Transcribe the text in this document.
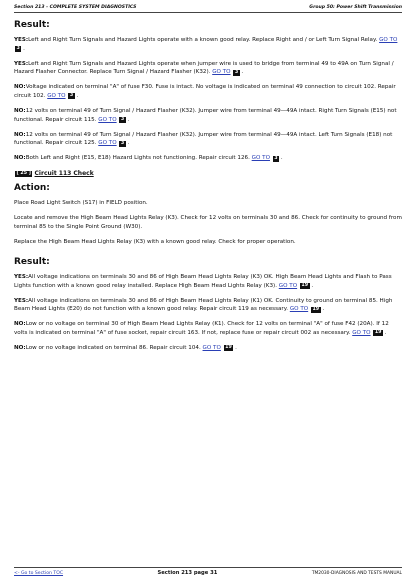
Section 213 - COMPLETE SYSTEM DIAGNOSTICS	Group 50: Power Shift Transmission
Result:

YES:Left and Right Turn Signals and Hazard Lights operate with a known good relay. Replace Right and / or Left Turn Signal Relay. GO TO 3 .

YES:Left and Right Turn Signals and Hazard Lights operate when jumper wire is used to bridge from terminal 49 to 49A on Turn Signal / Hazard Flasher Connector. Replace Turn Signal / Hazard Flasher (K32). GO TO 3 .

NO:Voltage indicated on terminal "A" of fuse F30. Fuse is intact. No voltage is indicated on terminal 49 connection to circuit 102. Repair circuit 102. GO TO 3 .

NO:12 volts on terminal 49 of Turn Signal / Hazard Flasher (K32). Jumper wire from terminal 49—49A intact. Right Turn Signals (E15) not functional. Repair circuit 115. GO TO 3 .

NO:12 volts on terminal 49 of Turn Signal / Hazard Flasher (K32). Jumper wire from terminal 49—49A intact. Left Turn Signals (E18) not functional. Repair circuit 125. GO TO 3 .

NO:Both Left and Right (E15, E18) Hazard Lights not functioning. Repair circuit 126. GO TO 3 .

[ 25 ] Circuit 113 Check
Action:

Place Road Light Switch (S17) in FIELD position.

Locate and remove the High Beam Head Lights Relay (K3). Check for 12 volts on terminals 30 and 86. Check for continuity to ground from terminal 85 to the Single Point Ground (W30).

Replace the High Beam Head Lights Relay (K3) with a known good relay. Check for proper operation.

Result:

YES:All voltage indications on terminals 30 and 86 of High Beam Head Lights Relay (K3) OK. High Beam Head Lights and Flash to Pass Lights function with a known good relay installed. Replace High Beam Head Lights Relay (K3). GO TO 19 .

YES:All voltage indications on terminals 30 and 86 of High Beam Head Lights Relay (K1) OK. Continuity to ground on terminal 85. High Beam Head Lights (E20) do not function with a known good relay. Repair circuit 119 as necessary. GO TO 19 .

NO:Low or no voltage on terminal 30 of High Beam Head Lights Relay (K1). Check for 12 volts on terminal "A" of fuse F42 (20A). If 12 volts is indicated on terminal "A" of fuse socket, repair circuit 163. If not, replace fuse or repair circuit 002 as necessary. GO TO 19 .

NO:Low or no voltage indicated on terminal 86. Repair circuit 104. GO TO 19 .

<- Go to Section TOC	Section 213 page 31	TM2030-DIAGNOSIS AND TESTS MANUAL
